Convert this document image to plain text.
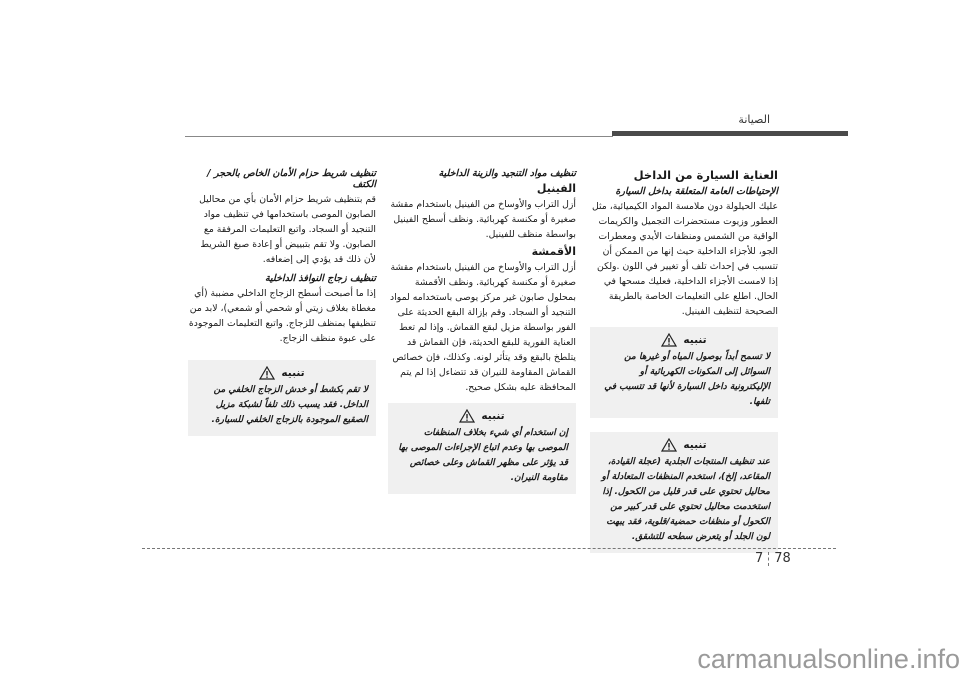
الصيانة
العناية السيارة من الداخل
الإحتياطات العامة المتعلقة بداخل السيارة
عليك الحيلولة دون ملامسة المواد الكيميائية، مثل العطور وزيوت مستحضرات التجميل والكريمات الواقية من الشمس ومنظفات الأيدي ومعطرات الجو، للأجزاء الداخلية حيث إنها من الممكن أن تتسبب في إحداث تلف أو تغيير في اللون .ولكن إذا لامست الأجزاء الداخلية، فعليك مسحها في الحال. اطلع على التعليمات الخاصة بالطريقة الصحيحة لتنظيف الفينيل.
تنبيه
لا تسمح أبداً بوصول المياه أو غيرها من السوائل إلى المكونات الكهربائية أو الإليكترونية داخل السيارة لأنها قد تتسبب في تلفها.
تنبيه
عند تنظيف المنتجات الجلدية (عجلة القيادة، المقاعد، إلخ)، استخدم المنظفات المتعادلة أو محاليل تحتوي على قدر قليل من الكحول. إذا استخدمت محاليل تحتوي على قدر كبير من الكحول أو منظفات حمضية/قلوية، فقد يبهت لون الجلد أو يتعرض سطحه للتشقق.
تنظيف مواد التنجيد والزينة الداخلية
الفينيل
أزل التراب والأوساخ من الفينيل باستخدام مقشة صغيرة أو مكنسة كهربائية. ونظف أسطح الفينيل بواسطة منظف للفينيل.
الأقمشة
أزل التراب والأوساخ من الفينيل باستخدام مقشة صغيرة أو مكنسة كهربائية. ونظف الأقمشة بمحلول صابون غير مركز يوصى باستخدامه لمواد التنجيد أو السجاد. وقم بإزالة البقع الحديثة على الفور بواسطة مزيل لبقع القماش. وإذا لم تعط العناية الفورية للبقع الحديثة، فإن القماش قد يتلطخ بالبقع وقد يتأثر لونه. وكذلك، فإن خصائص القماش المقاومة للنيران قد تتضاءل إذا لم يتم المحافظة عليه بشكل صحيح.
تنبيه
إن استخدام أي شيء بخلاف المنظفات الموصى بها وعدم اتباع الإجراءات الموصى بها قد يؤثر على مظهر القماش وعلى خصائص مقاومة النيران.
تنظيف شريط حزام الأمان الخاص بالحجر / الكتف
قم بتنظيف شريط حزام الأمان بأي من محاليل الصابون الموصى باستخدامها في تنظيف مواد التنجيد أو السجاد. واتبع التعليمات المرفقة مع الصابون. ولا تقم بتبييض أو إعادة صبغ الشريط لأن ذلك قد يؤدي إلى إضعافه.
تنظيف زجاج النوافذ الداخلية
إذا ما أصبحت أسطح الزجاج الداخلي مضببة (أي مغطاة بغلاف زيتي أو شحمي أو شمعي)، لابد من تنظيفها بمنظف للزجاج. واتبع التعليمات الموجودة على عبوة منظف الزجاج.
تنبيه
لا تقم بكشط أو خدش الزجاج الخلفي من الداخل. فقد يسبب ذلك تلفاً لشبكة مزيل الصقيع الموجودة بالزجاج الخلفي للسيارة.
7 78
carmanualsonline.info
